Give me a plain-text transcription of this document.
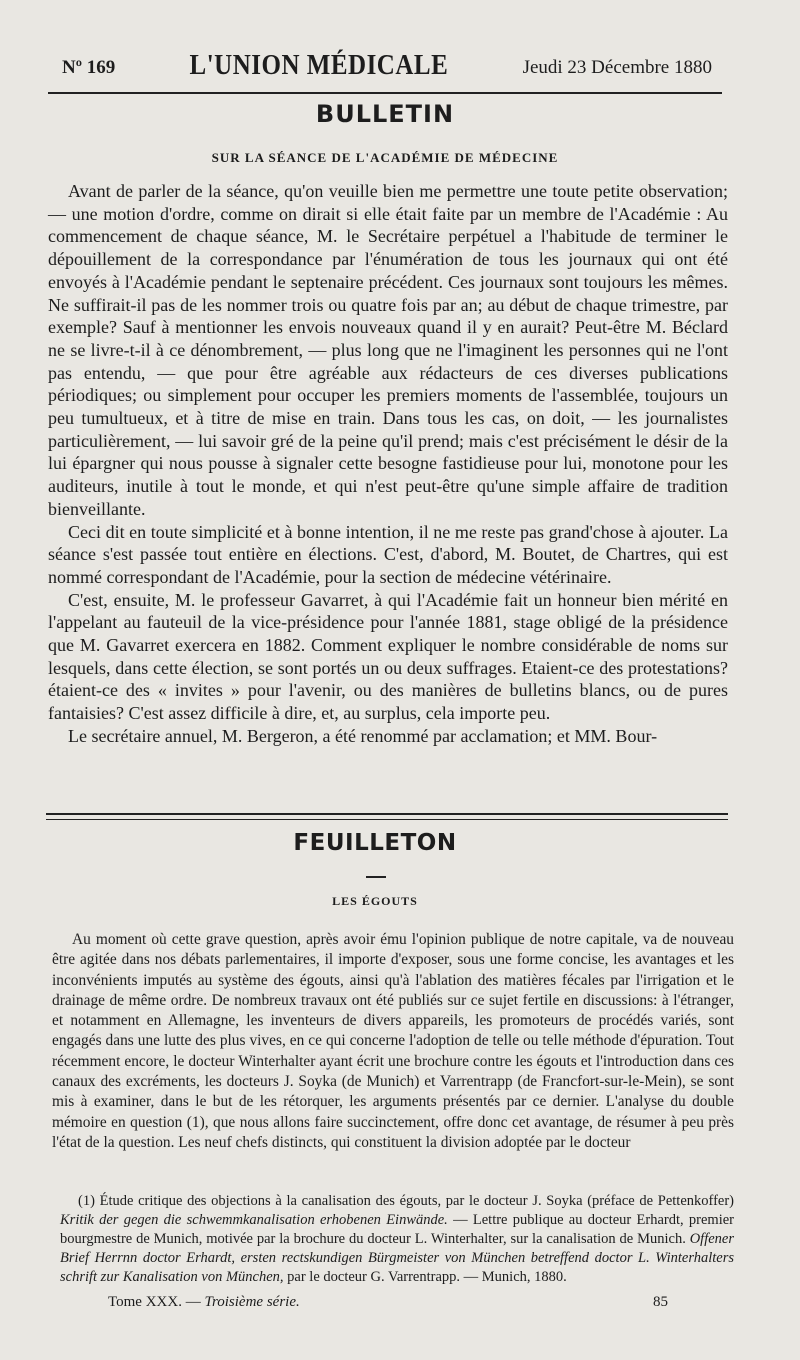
Nº 169	L'UNION MÉDICALE	Jeudi 23 Décembre 1880
BULLETIN
SUR LA SÉANCE DE L'ACADÉMIE DE MÉDECINE

Avant de parler de la séance, qu'on veuille bien me permettre une toute petite observation; — une motion d'ordre, comme on dirait si elle était faite par un membre de l'Académie : Au commencement de chaque séance, M. le Secrétaire perpétuel a l'habitude de terminer le dépouillement de la correspondance par l'énumération de tous les journaux qui ont été envoyés à l'Académie pendant le septenaire précédent. Ces journaux sont toujours les mêmes. Ne suffirait-il pas de les nommer trois ou quatre fois par an; au début de chaque trimestre, par exemple? Sauf à mentionner les envois nouveaux quand il y en aurait? Peut-être M. Béclard ne se livre-t-il à ce dénombrement, — plus long que ne l'imaginent les personnes qui ne l'ont pas entendu, — que pour être agréable aux rédacteurs de ces diverses publications périodiques; ou simplement pour occuper les premiers moments de l'assemblée, toujours un peu tumultueux, et à titre de mise en train. Dans tous les cas, on doit, — les journalistes particulièrement, — lui savoir gré de la peine qu'il prend; mais c'est précisément le désir de la lui épargner qui nous pousse à signaler cette besogne fastidieuse pour lui, monotone pour les auditeurs, inutile à tout le monde, et qui n'est peut-être qu'une simple affaire de tradition bienveillante.

Ceci dit en toute simplicité et à bonne intention, il ne me reste pas grand'chose à ajouter. La séance s'est passée tout entière en élections. C'est, d'abord, M. Boutet, de Chartres, qui est nommé correspondant de l'Académie, pour la section de médecine vétérinaire.

C'est, ensuite, M. le professeur Gavarret, à qui l'Académie fait un honneur bien mérité en l'appelant au fauteuil de la vice-présidence pour l'année 1881, stage obligé de la présidence que M. Gavarret exercera en 1882. Comment expliquer le nombre considérable de noms sur lesquels, dans cette élection, se sont portés un ou deux suffrages. Etaient-ce des protestations? étaient-ce des « invites » pour l'avenir, ou des manières de bulletins blancs, ou de pures fantaisies? C'est assez difficile à dire, et, au surplus, cela importe peu.

Le secrétaire annuel, M. Bergeron, a été renommé par acclamation; et MM. Bour-

FEUILLETON
LES ÉGOUTS

Au moment où cette grave question, après avoir ému l'opinion publique de notre capitale, va de nouveau être agitée dans nos débats parlementaires, il importe d'exposer, sous une forme concise, les avantages et les inconvénients imputés au système des égouts, ainsi qu'à l'ablation des matières fécales par l'irrigation et le drainage de même ordre. De nombreux travaux ont été publiés sur ce sujet fertile en discussions: à l'étranger, et notamment en Allemagne, les inventeurs de divers appareils, les promoteurs de procédés variés, sont engagés dans une lutte des plus vives, en ce qui concerne l'adoption de telle ou telle méthode d'épuration. Tout récemment encore, le docteur Winterhalter ayant écrit une brochure contre les égouts et l'introduction dans ces canaux des excréments, les docteurs J. Soyka (de Munich) et Varrentrapp (de Francfort-sur-le-Mein), se sont mis à examiner, dans le but de les rétorquer, les arguments présentés par ce dernier. L'analyse du double mémoire en question (1), que nous allons faire succinctement, offre donc cet avantage, de résumer à peu près l'état de la question. Les neuf chefs distincts, qui constituent la division adoptée par le docteur

(1) Étude critique des objections à la canalisation des égouts, par le docteur J. Soyka (préface de Pettenkoffer) Kritik der gegen die schwemmkanalisation erhobenen Einwände. — Lettre publique au docteur Erhardt, premier bourgmestre de Munich, motivée par la brochure du docteur L. Winterhalter, sur la canalisation de Munich. Offener Brief Herrnn doctor Erhardt, ersten rectskundigen Bürgmeister von München betreffend doctor L. Winterhalters schrift zur Kanalisation von München, par le docteur G. Varrentrapp. — Munich, 1880.

Tome XXX. — Troisième série.	85
